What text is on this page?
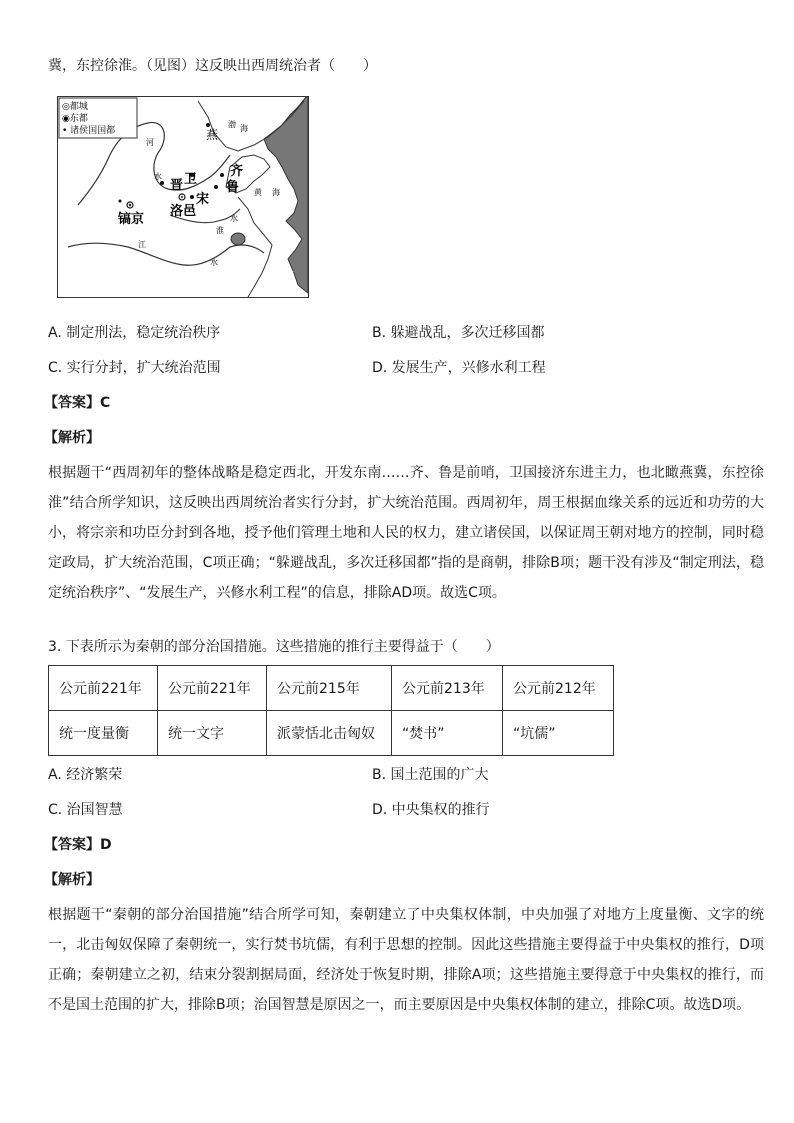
冀，东控徐淮。（见图）这反映出西周统治者（　　）
◎都城
◉东都
• 诸侯国国都	燕
晋 卫
齐
鲁
宋
洛邑
镐京
渤 海
黄 海
东
海
河
水
淮
水
江
水
A. 制定刑法，稳定统治秩序	B. 躲避战乱，多次迁移国都
C. 实行分封，扩大统治范围	D. 发展生产，兴修水利工程
【答案】C
【解析】
根据题干“西周初年的整体战略是稳定西北，开发东南……齐、鲁是前哨，卫国接济东进主力，也北瞰燕冀，东控徐淮”结合所学知识，这反映出西周统治者实行分封，扩大统治范围。西周初年，周王根据血缘关系的远近和功劳的大小，将宗亲和功臣分封到各地，授予他们管理土地和人民的权力，建立诸侯国，以保证周王朝对地方的控制，同时稳定政局，扩大统治范围，C项正确；“躲避战乱，多次迁移国都”指的是商朝，排除B项；题干没有涉及“制定刑法，稳定统治秩序”、“发展生产，兴修水利工程”的信息，排除AD项。故选C项。
3. 下表所示为秦朝的部分治国措施。这些措施的推行主要得益于（　　）
公元前221年	公元前221年	公元前215年	公元前213年	公元前212年
统一度量衡	统一文字	派蒙恬北击匈奴	“焚书”	“坑儒”
A. 经济繁荣	B. 国土范围的广大
C. 治国智慧	D. 中央集权的推行
【答案】D
【解析】
根据题干“秦朝的部分治国措施”结合所学可知，秦朝建立了中央集权体制，中央加强了对地方上度量衡、文字的统一，北击匈奴保障了秦朝统一，实行焚书坑儒，有利于思想的控制。因此这些措施主要得益于中央集权的推行，D项正确；秦朝建立之初，结束分裂割据局面，经济处于恢复时期，排除A项；这些措施主要得意于中央集权的推行，而不是国土范围的扩大，排除B项；治国智慧是原因之一，而主要原因是中央集权体制的建立，排除C项。故选D项。
